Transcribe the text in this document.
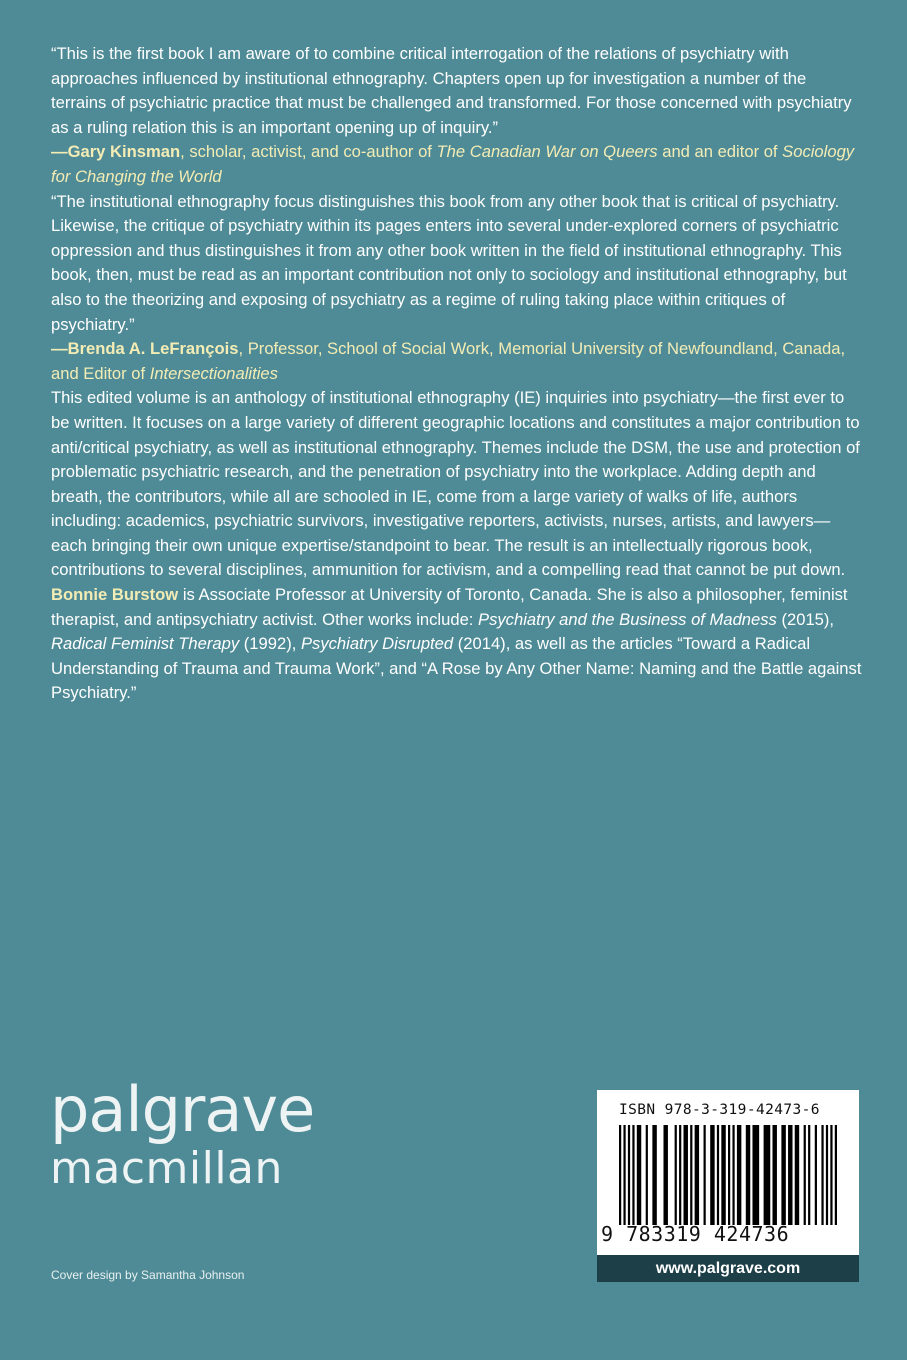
“This is the first book I am aware of to combine critical interrogation of the relations of psychiatry with approaches influenced by institutional ethnography. Chapters open up for investigation a number of the terrains of psychiatric practice that must be challenged and transformed. For those concerned with psychiatry as a ruling relation this is an important opening up of inquiry.”
—Gary Kinsman, scholar, activist, and co-author of The Canadian War on Queers and an editor of Sociology for Changing the World

“The institutional ethnography focus distinguishes this book from any other book that is critical of psychiatry. Likewise, the critique of psychiatry within its pages enters into several under-explored corners of psychiatric oppression and thus distinguishes it from any other book written in the field of institutional ethnography. This book, then, must be read as an important contribution not only to sociology and institutional ethnography, but also to the theorizing and exposing of psychiatry as a regime of ruling taking place within critiques of psychiatry.”
—Brenda A. LeFrançois, Professor, School of Social Work, Memorial University of Newfoundland, Canada, and Editor of Intersectionalities

This edited volume is an anthology of institutional ethnography (IE) inquiries into psychiatry—the first ever to be written. It focuses on a large variety of different geographic locations and constitutes a major contribution to anti/critical psychiatry, as well as institutional ethnography. Themes include the DSM, the use and protection of problematic psychiatric research, and the penetration of psychiatry into the workplace. Adding depth and breath, the contributors, while all are schooled in IE, come from a large variety of walks of life, authors including: academics, psychiatric survivors, investigative reporters, activists, nurses, artists, and lawyers—each bringing their own unique expertise/standpoint to bear. The result is an intellectually rigorous book, contributions to several disciplines, ammunition for activism, and a compelling read that cannot be put down.

Bonnie Burstow is Associate Professor at University of Toronto, Canada. She is also a philosopher, feminist therapist, and antipsychiatry activist. Other works include: Psychiatry and the Business of Madness (2015), Radical Feminist Therapy (1992), Psychiatry Disrupted (2014), as well as the articles “Toward a Radical Understanding of Trauma and Trauma Work”, and “A Rose by Any Other Name: Naming and the Battle against Psychiatry.”

palgrave
macmillan
Cover design by Samantha Johnson
ISBN 978-3-319-42473-6
9 783319 424736
www.palgrave.com
